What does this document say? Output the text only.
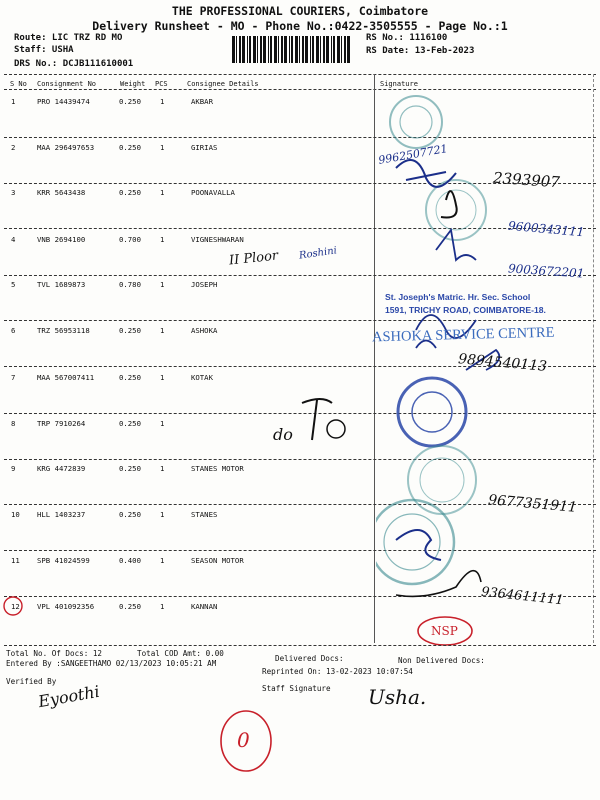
THE PROFESSIONAL COURIERS, Coimbatore
Delivery Runsheet - MO - Phone No.:0422-3505555 - Page No.:1
Route: LIC TRZ RD MO
Staff: USHA
DRS No.: DCJB111610001
RS No.: 1116100
RS Date: 13-Feb-2023
S No Consignment No	Weight PCS	Consignee Details	Signature
1	PRO 14439474	0.250	1	AKBAR
2	MAA 296497653	0.250	1	GIRIAS
3	KRR 5643438	0.250	1	POONAVALLA
4	VNB 2694100	0.700	1	VIGNESHWARAN
5	TVL 1689873	0.780	1	JOSEPH
6	TRZ 56953118	0.250	1	ASHOKA
7	MAA 567007411	0.250	1	KOTAK
8	TRP 7910264	0.250	1
9	KRG 4472839	0.250	1	STANES MOTOR
10 HLL 1403237	0.250	1	STANES
11 SPB 41024599	0.400	1	SEASON MOTOR
12 VPL 401092356	0.250	1	KANNAN
9962507721
2393907
9600343111
II Ploor Roshini
9003672201
St. Joseph's Matric. Hr. Sec. School
1591, TRICHY ROAD, COIMBATORE-18.
ASHOKA SERVICE CENTRE
9894540113
do
9677351911
9364611111
NSP
Total No. Of Docs: 12	Total COD Amt: 0.00
Delivered Docs:	Non Delivered Docs:
Entered By :SANGEETHAMO 02/13/2023 10:05:21 AM
Reprinted On: 13-02-2023 10:07:54
Verified By
Staff Signature
Eyoothi	Usha.
0
